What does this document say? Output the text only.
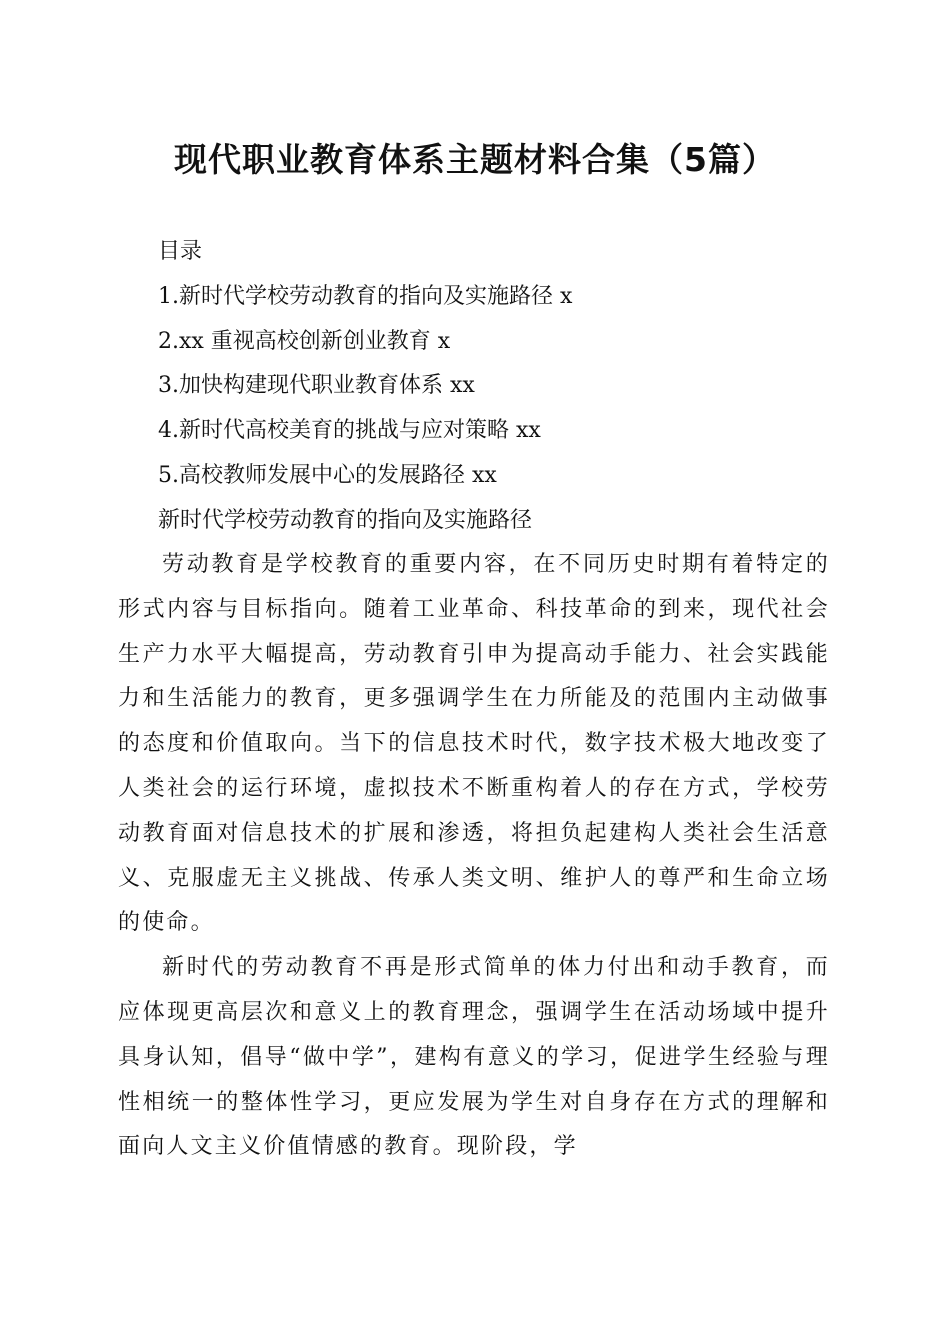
现代职业教育体系主题材料合集（5篇）
目录
1.新时代学校劳动教育的指向及实施路径 x
2.xx 重视高校创新创业教育 x
3.加快构建现代职业教育体系 xx
4.新时代高校美育的挑战与应对策略 xx
5.高校教师发展中心的发展路径 xx
新时代学校劳动教育的指向及实施路径

劳动教育是学校教育的重要内容，在不同历史时期有着特定的形式内容与目标指向。随着工业革命、科技革命的到来，现代社会生产力水平大幅提高，劳动教育引申为提高动手能力、社会实践能力和生活能力的教育，更多强调学生在力所能及的范围内主动做事的态度和价值取向。当下的信息技术时代，数字技术极大地改变了人类社会的运行环境，虚拟技术不断重构着人的存在方式，学校劳动教育面对信息技术的扩展和渗透，将担负起建构人类社会生活意义、克服虚无主义挑战、传承人类文明、维护人的尊严和生命立场的使命。

新时代的劳动教育不再是形式简单的体力付出和动手教育，而应体现更高层次和意义上的教育理念，强调学生在活动场域中提升具身认知，倡导“做中学”，建构有意义的学习，促进学生经验与理性相统一的整体性学习，更应发展为学生对自身存在方式的理解和面向人文主义价值情感的教育。现阶段，学
